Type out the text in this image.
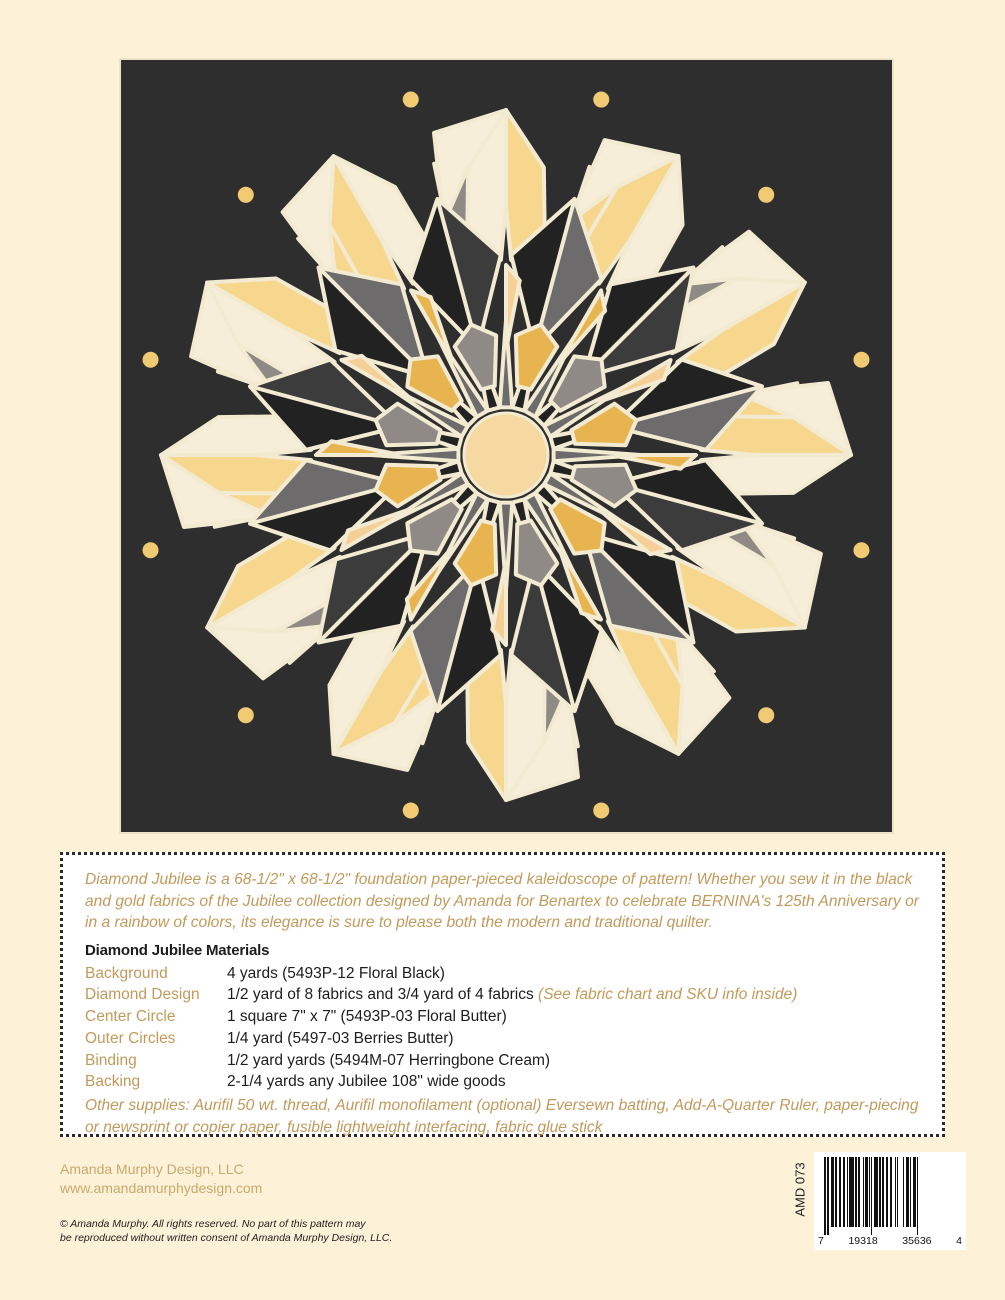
Diamond Jubilee is a 68-1/2" x 68-1/2" foundation paper-pieced kaleidoscope of pattern! Whether you sew it in the black and gold fabrics of the Jubilee collection designed by Amanda for Benartex to celebrate BERNINA's 125th Anniversary or in a rainbow of colors, its elegance is sure to please both the modern and traditional quilter.

Diamond Jubilee Materials
Background	4 yards (5493P-12 Floral Black)
Diamond Design	1/2 yard of 8 fabrics and 3/4 yard of 4 fabrics (See fabric chart and SKU info inside)
Center Circle	1 square 7" x 7" (5493P-03 Floral Butter)
Outer Circles	1/4 yard (5497-03 Berries Butter)
Binding	1/2 yard yards (5494M-07 Herringbone Cream)
Backing	2-1/4 yards any Jubilee 108" wide goods

Other supplies: Aurifil 50 wt. thread, Aurifil monofilament (optional) Eversewn batting, Add-A-Quarter Ruler, paper-piecing or newsprint or copier paper, fusible lightweight interfacing, fabric glue stick

Amanda Murphy Design, LLC
www.amandamurphydesign.com
© Amanda Murphy. All rights reserved. No part of this pattern may
be reproduced without written consent of Amanda Murphy Design, LLC.
AMD 073
7 19318 35636 4
